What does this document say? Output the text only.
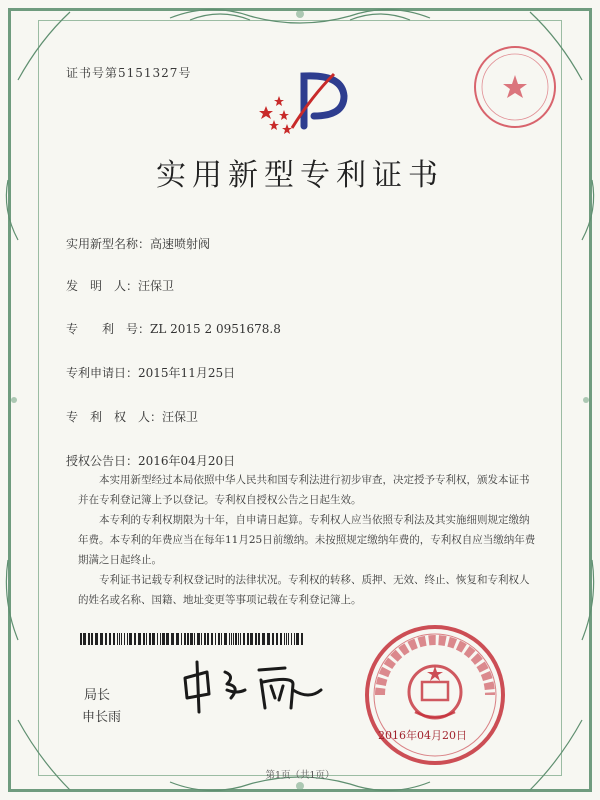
证书号第5151327号
实用新型专利证书
实用新型名称：高速喷射阀
发　明　人：汪保卫
专　　利　号：ZL 2015 2 0951678.8
专利申请日：2015年11月25日
专　利　权　人：汪保卫
授权公告日：2016年04月20日

本实用新型经过本局依照中华人民共和国专利法进行初步审查，决定授予专利权，颁发本证书并在专利登记簿上予以登记。专利权自授权公告之日起生效。

本专利的专利权期限为十年，自申请日起算。专利权人应当依照专利法及其实施细则规定缴纳年费。本专利的年费应当在每年11月25日前缴纳。未按照规定缴纳年费的，专利权自应当缴纳年费期满之日起终止。

专利证书记载专利权登记时的法律状况。专利权的转移、质押、无效、终止、恢复和专利权人的姓名或名称、国籍、地址变更等事项记载在专利登记簿上。

局长
申长雨
2016年04月20日
第1页（共1页）
